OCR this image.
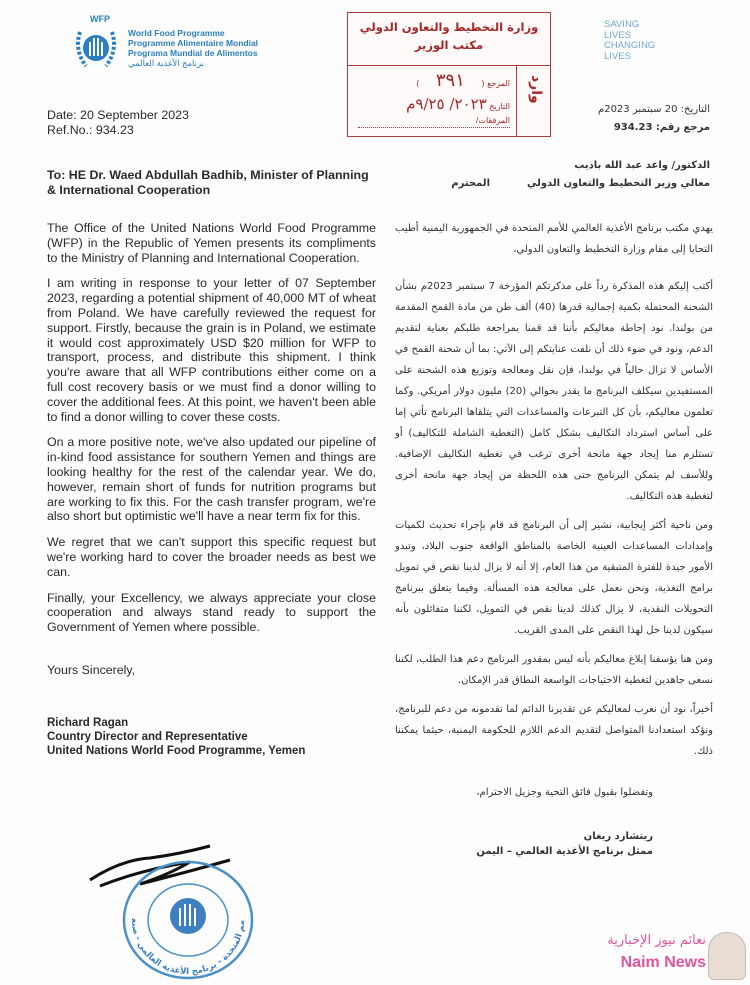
WFP
World Food Programme
Programme Alimentaire Mondial
Programa Mundial de Alimentos
برنامج الأغذية العالمي
SAVING
LIVES
CHANGING
LIVES
وزارة التخطيط والتعاون الدولي
مكتب الوزير
وارد
المرجع ( ٣٩١ )
التاريخ ٢٠٢٣/ ٩/٢٥م
المرفقات/
Date: 20 September 2023
Ref.No.: 934.23
To: HE Dr. Waed Abdullah Badhib, Minister of Planning & International Cooperation
The Office of the United Nations World Food Programme (WFP) in the Republic of Yemen presents its compliments to the Ministry of Planning and International Cooperation.
I am writing in response to your letter of 07 September 2023, regarding a potential shipment of 40,000 MT of wheat from Poland. We have carefully reviewed the request for support. Firstly, because the grain is in Poland, we estimate it would cost approximately USD $20 million for WFP to transport, process, and distribute this shipment. I think you're aware that all WFP contributions either come on a full cost recovery basis or we must find a donor willing to cover the additional fees. At this point, we haven't been able to find a donor willing to cover these costs.
On a more positive note, we've also updated our pipeline of in-kind food assistance for southern Yemen and things are looking healthy for the rest of the calendar year. We do, however, remain short of funds for nutrition programs but are working to fix this. For the cash transfer program, we're also short but optimistic we'll have a near term fix for this.
We regret that we can't support this specific request but we're working hard to cover the broader needs as best we can.
Finally, your Excellency, we always appreciate your close cooperation and always stand ready to support the Government of Yemen where possible.
Yours Sincerely,
Richard Ragan
Country Director and Representative
United Nations World Food Programme, Yemen
مم المتحدة - برنامج الأغذية العالمي - صنع
التاريخ: 20 سبتمبر 2023م
مرجع رقم: 934.23
الدكتور/ واعد عبد الله باذيب
معالي وزير التخطيط والتعاون الدولي
المحترم
يهدي مكتب برنامج الأغذية العالمي للأمم المتحدة في الجمهورية اليمنية أطيب التحايا إلى مقام وزارة التخطيط والتعاون الدولي،
أكتب إليكم هذه المذكرة رداً على مذكرتكم المؤرخة 7 سبتمبر 2023م بشأن الشحنة المحتملة بكمية إجمالية قدرها (40) ألف طن من مادة القمح المقدمة من بولندا. نود إحاطة معاليكم بأننا قد قمنا بمراجعة طلبكم بعناية لتقديم الدعم، ونود في ضوء ذلك أن نلفت عنايتكم إلى الآتي: بما أن شحنة القمح في الأساس لا تزال حالياً في بولندا، فإن نقل ومعالجة وتوزيع هذه الشحنة على المستفيدين سيكلف البرنامج ما يقدر بحوالي (20) مليون دولار أمريكي. وكما تعلمون معاليكم، بأن كل التبرعات والمساعدات التي يتلقاها البرنامج تأتي إما على أساس استرداد التكاليف بشكل كامل (التغطية الشاملة للتكاليف) أو تستلزم منا إيجاد جهة مانحة أخرى ترغب في تغطية التكاليف الإضافية. وللأسف لم يتمكن البرنامج حتى هذه اللحظة من إيجاد جهة مانحة أخرى لتغطية هذه التكاليف.
ومن ناحية أكثر إيجابية، نشير إلى أن البرنامج قد قام بإجراء تحديث لكميات وإمدادات المساعدات العينية الخاصة بالمناطق الواقعة جنوب البلاد، وتبدو الأمور جيدة للفترة المتبقية من هذا العام، إلا أنه لا يزال لدينا نقص في تمويل برامج التغذية، ونحن نعمل على معالجة هذه المسألة. وفيما يتعلق ببرنامج التحويلات النقدية، لا يزال كذلك لدينا نقص في التمويل، لكننا متفائلون بأنه سيكون لدينا حل لهذا النقص على المدى القريب.
ومن هنا يؤسفنا إبلاغ معاليكم بأنه ليس بمقدور البرنامج دعم هذا الطلب، لكننا نسعى جاهدين لتغطية الاحتياجات الواسعة النطاق قدر الإمكان.
أخيراً، نود أن نعرب لمعاليكم عن تقديرنا الدائم لما تقدمونه من دعم للبرنامج، ونؤكد استعدادنا المتواصل لتقديم الدعم اللازم للحكومة اليمنية، حيثما يمكننا ذلك.
وتفضلوا بقبول فائق التحية وجزيل الاحترام،
ريتشارد ريغان
ممثل برنامج الأغذية العالمي – اليمن
نعائم نيوز الإخبارية
Naim News
